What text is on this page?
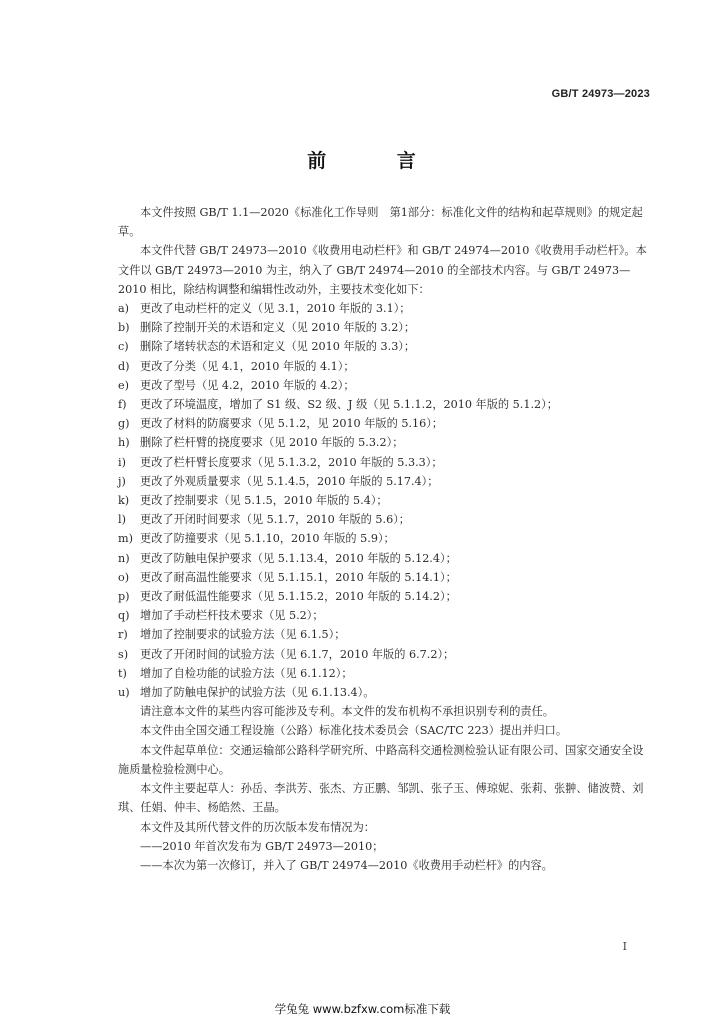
GB/T 24973—2023
前 言

本文件按照 GB/T 1.1—2020《标准化工作导则　第1部分：标准化文件的结构和起草规则》的规定起草。

本文件代替 GB/T 24973—2010《收费用电动栏杆》和 GB/T 24974—2010《收费用手动栏杆》。本文件以 GB/T 24973—2010 为主，纳入了 GB/T 24974—2010 的全部技术内容。与 GB/T 24973—2010 相比，除结构调整和编辑性改动外，主要技术变化如下：

a) 更改了电动栏杆的定义（见 3.1，2010 年版的 3.1）；
b) 删除了控制开关的术语和定义（见 2010 年版的 3.2）；
c)	删除了堵转状态的术语和定义（见 2010 年版的 3.3）；
d) 更改了分类（见 4.1，2010 年版的 4.1）；
e) 更改了型号（见 4.2，2010 年版的 4.2）；
f)	更改了环境温度，增加了 S1 级、S2 级、J 级（见 5.1.1.2，2010 年版的 5.1.2）；
g) 更改了材料的防腐要求（见 5.1.2，见 2010 年版的 5.16）；
h) 删除了栏杆臂的挠度要求（见 2010 年版的 5.3.2）；
i)	更改了栏杆臂长度要求（见 5.1.3.2，2010 年版的 5.3.3）；
j)	更改了外观质量要求（见 5.1.4.5，2010 年版的 5.17.4）；
k) 更改了控制要求（见 5.1.5，2010 年版的 5.4）；
l)	更改了开闭时间要求（见 5.1.7，2010 年版的 5.6）；
m) 更改了防撞要求（见 5.1.10，2010 年版的 5.9）；
n) 更改了防触电保护要求（见 5.1.13.4，2010 年版的 5.12.4）；
o) 更改了耐高温性能要求（见 5.1.15.1，2010 年版的 5.14.1）；
p) 更改了耐低温性能要求（见 5.1.15.2，2010 年版的 5.14.2）；
q) 增加了手动栏杆技术要求（见 5.2）；
r)	增加了控制要求的试验方法（见 6.1.5）；
s)	更改了开闭时间的试验方法（见 6.1.7，2010 年版的 6.7.2）；
t)	增加了自检功能的试验方法（见 6.1.12）；
u) 增加了防触电保护的试验方法（见 6.1.13.4）。

请注意本文件的某些内容可能涉及专利。本文件的发布机构不承担识别专利的责任。

本文件由全国交通工程设施（公路）标准化技术委员会（SAC/TC 223）提出并归口。

本文件起草单位：交通运输部公路科学研究所、中路高科交通检测检验认证有限公司、国家交通安全设施质量检验检测中心。

本文件主要起草人：孙岳、李洪芳、张杰、方正鹏、邹凯、张子玉、傅琼妮、张莉、张翀、储波赞、刘琪、任娟、仲丰、杨皓然、王晶。

本文件及其所代替文件的历次版本发布情况为：

——2010 年首次发布为 GB/T 24973—2010；

——本次为第一次修订，并入了 GB/T 24974—2010《收费用手动栏杆》的内容。

I
学兔兔 www.bzfxw.com标准下载
